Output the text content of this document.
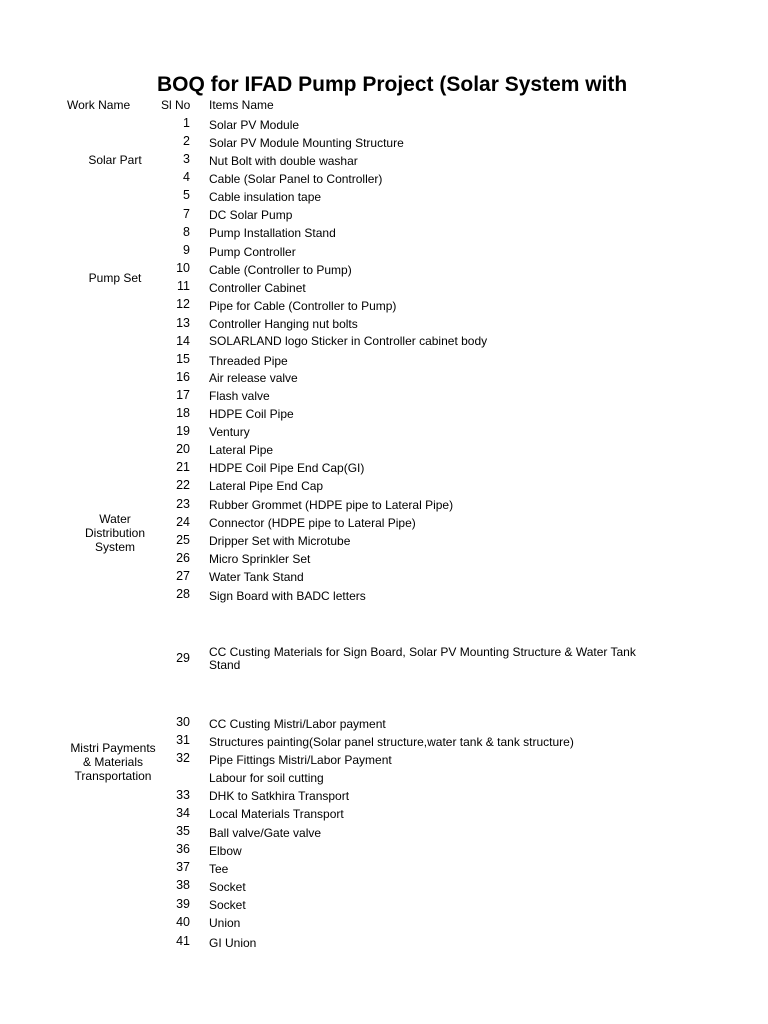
BOQ for IFAD Pump Project (Solar System with
Work Name	Sl No Items Name
Solar Part
Pump Set
Water Distribution System
Mistri Payments & Materials Transportation
1 Solar PV Module
2 Solar PV Module Mounting Structure
3 Nut Bolt with double washar
4 Cable (Solar Panel to Controller)
5 Cable insulation tape
7 DC Solar Pump
8 Pump Installation Stand
9 Pump Controller
10 Cable (Controller to Pump)
11 Controller Cabinet
12 Pipe for Cable (Controller to Pump)
13 Controller Hanging nut bolts
14 SOLARLAND logo Sticker in Controller cabinet body
15 Threaded Pipe
16 Air release valve
17 Flash valve
18 HDPE Coil Pipe
19 Ventury
20 Lateral Pipe
21 HDPE Coil Pipe End Cap(GI)
22 Lateral Pipe End Cap
23 Rubber Grommet (HDPE pipe to Lateral Pipe)
24 Connector (HDPE pipe to Lateral Pipe)
25 Dripper Set with Microtube
26 Micro Sprinkler Set
27 Water Tank Stand
28 Sign Board with BADC letters
29 CC Custing Materials for Sign Board, Solar PV Mounting Structure & Water Tank Stand
30 CC Custing Mistri/Labor payment
31 Structures painting(Solar panel structure,water tank & tank structure)
32 Pipe Fittings Mistri/Labor Payment
Labour for soil cutting
33 DHK to Satkhira Transport
34 Local Materials Transport
35 Ball valve/Gate valve
36 Elbow
37 Tee
38 Socket
39 Socket
40 Union
41 GI Union
